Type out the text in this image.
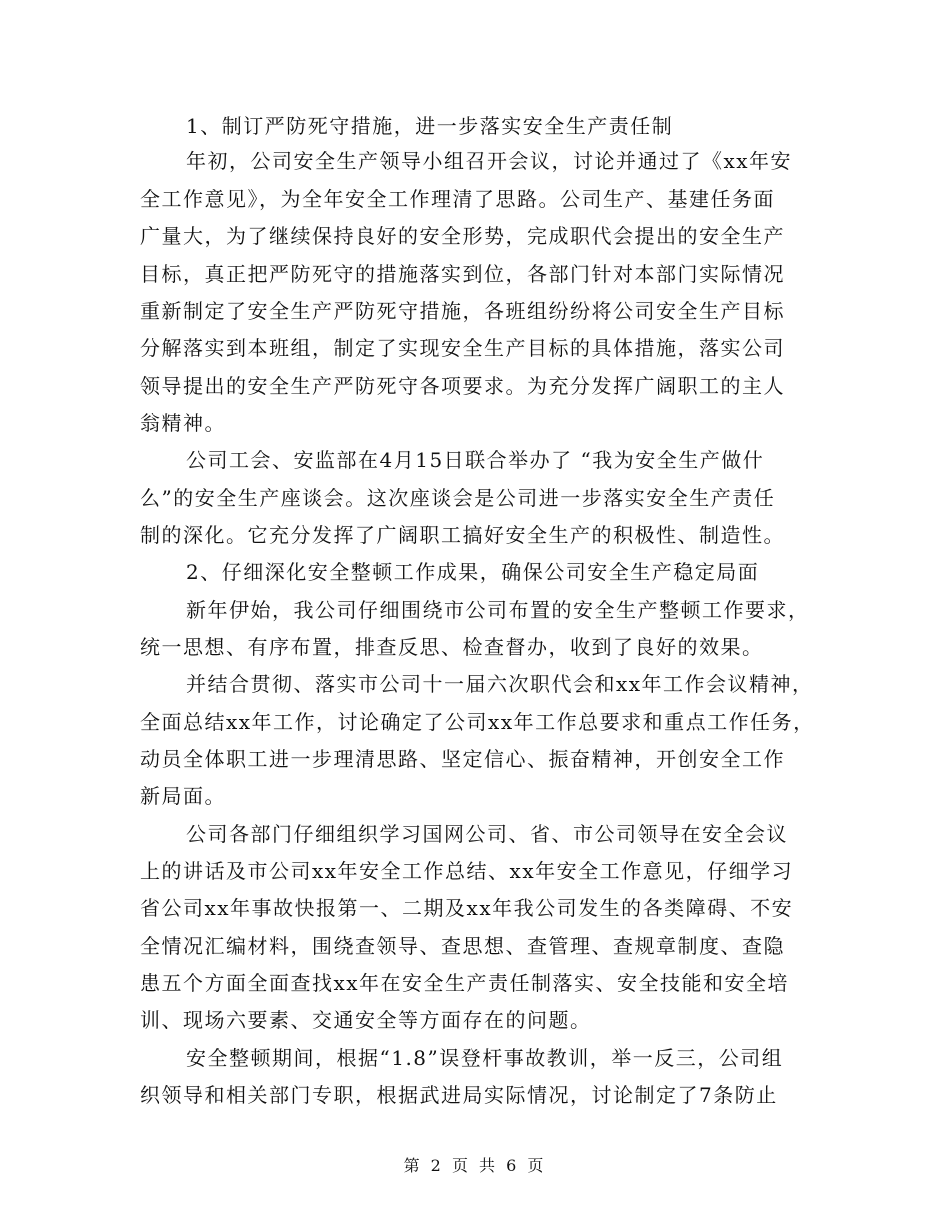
1、制订严防死守措施，进一步落实安全生产责任制
年初，公司安全生产领导小组召开会议，讨论并通过了《xx年安
全工作意见》，为全年安全工作理清了思路。公司生产、基建任务面
广量大，为了继续保持良好的安全形势，完成职代会提出的安全生产
目标，真正把严防死守的措施落实到位，各部门针对本部门实际情况
重新制定了安全生产严防死守措施，各班组纷纷将公司安全生产目标
分解落实到本班组，制定了实现安全生产目标的具体措施，落实公司
领导提出的安全生产严防死守各项要求。为充分发挥广阔职工的主人
翁精神。
公司工会、安监部在4月15日联合举办了 “我为安全生产做什
么”的安全生产座谈会。这次座谈会是公司进一步落实安全生产责任
制的深化。它充分发挥了广阔职工搞好安全生产的积极性、制造性。
2、仔细深化安全整顿工作成果，确保公司安全生产稳定局面
新年伊始，我公司仔细围绕市公司布置的安全生产整顿工作要求，
统一思想、有序布置，排查反思、检查督办，收到了良好的效果。
并结合贯彻、落实市公司十一届六次职代会和xx年工作会议精神，
全面总结xx年工作，讨论确定了公司xx年工作总要求和重点工作任务，
动员全体职工进一步理清思路、坚定信心、振奋精神，开创安全工作
新局面。
公司各部门仔细组织学习国网公司、省、市公司领导在安全会议
上的讲话及市公司xx年安全工作总结、xx年安全工作意见，仔细学习
省公司xx年事故快报第一、二期及xx年我公司发生的各类障碍、不安
全情况汇编材料，围绕查领导、查思想、查管理、查规章制度、查隐
患五个方面全面查找xx年在安全生产责任制落实、安全技能和安全培
训、现场六要素、交通安全等方面存在的问题。
安全整顿期间，根据“1.8”误登杆事故教训，举一反三，公司组
织领导和相关部门专职，根据武进局实际情况，讨论制定了7条防止
第 2 页 共 6 页
